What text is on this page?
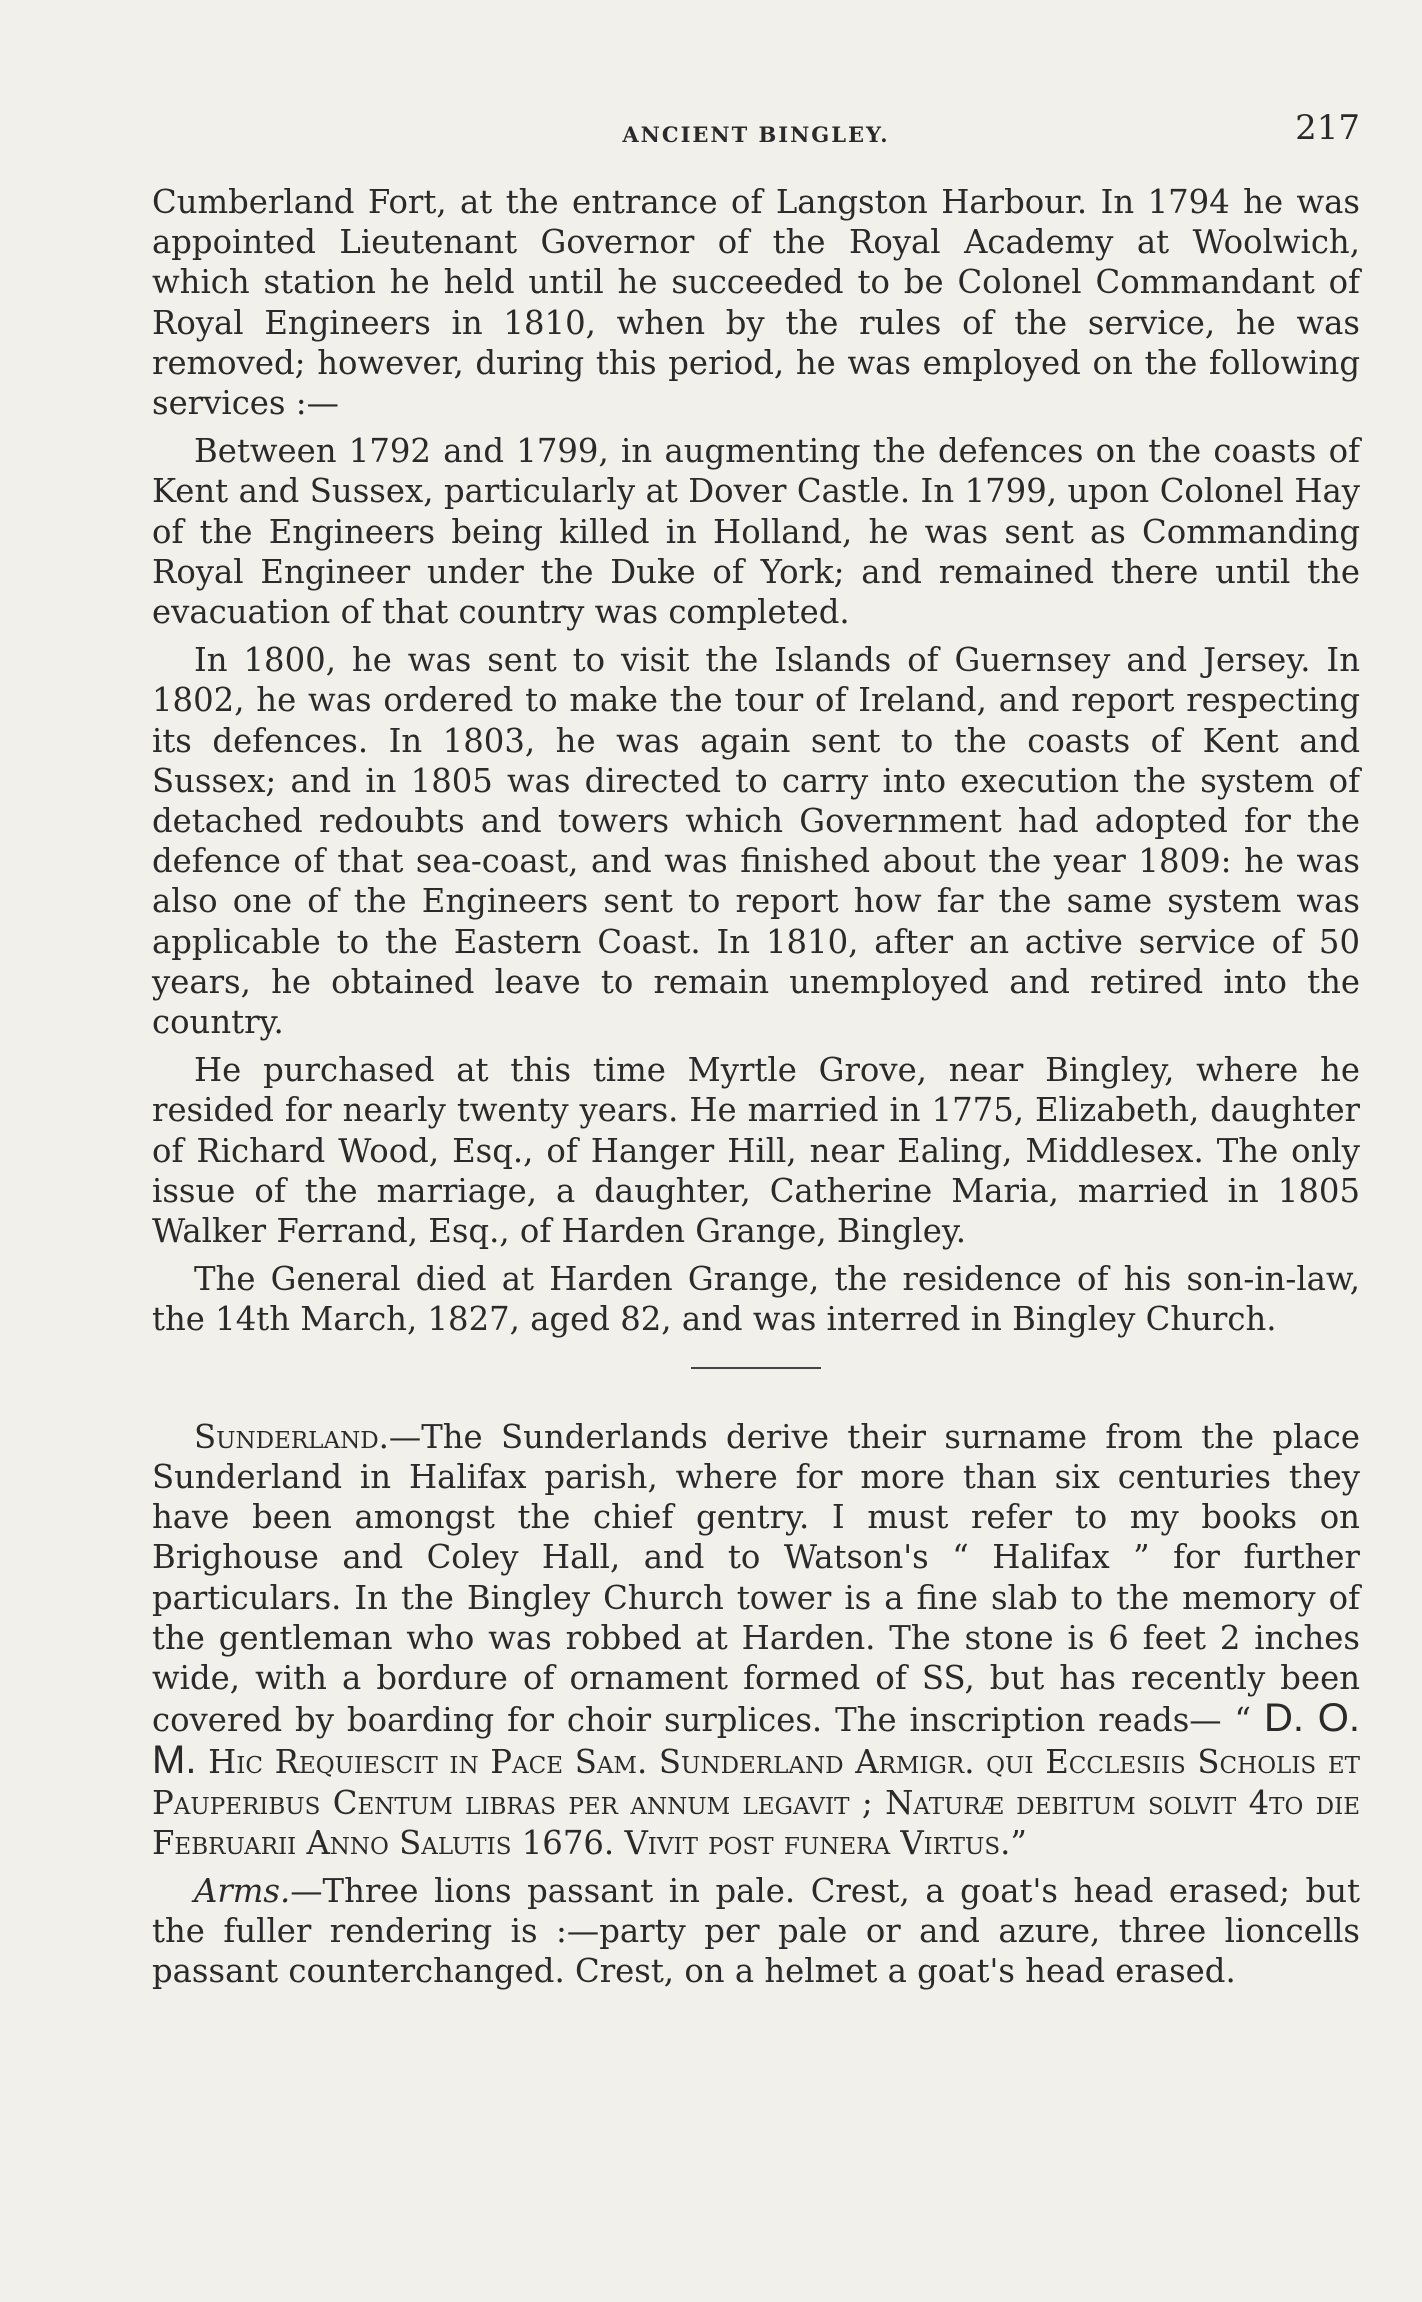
ANCIENT BINGLEY.	217

Cumberland Fort, at the entrance of Langston Harbour. In 1794 he was appointed Lieutenant Governor of the Royal Academy at Woolwich, which station he held until he succeeded to be Colonel Commandant of Royal Engineers in 1810, when by the rules of the service, he was removed; however, during this period, he was employed on the following services :—

Between 1792 and 1799, in augmenting the defences on the coasts of Kent and Sussex, particularly at Dover Castle. In 1799, upon Colonel Hay of the Engineers being killed in Holland, he was sent as Commanding Royal Engineer under the Duke of York; and remained there until the evacuation of that country was completed.

In 1800, he was sent to visit the Islands of Guernsey and Jersey. In 1802, he was ordered to make the tour of Ireland, and report respecting its defences. In 1803, he was again sent to the coasts of Kent and Sussex; and in 1805 was directed to carry into execution the system of detached redoubts and towers which Government had adopted for the defence of that sea-coast, and was finished about the year 1809: he was also one of the Engineers sent to report how far the same system was applicable to the Eastern Coast. In 1810, after an active service of 50 years, he obtained leave to remain unemployed and retired into the country.

He purchased at this time Myrtle Grove, near Bingley, where he resided for nearly twenty years. He married in 1775, Elizabeth, daughter of Richard Wood, Esq., of Hanger Hill, near Ealing, Middlesex. The only issue of the marriage, a daughter, Catherine Maria, married in 1805 Walker Ferrand, Esq., of Harden Grange, Bingley.

The General died at Harden Grange, the residence of his son-in-law, the 14th March, 1827, aged 82, and was interred in Bingley Church.

Sunderland.—The Sunderlands derive their surname from the place Sunderland in Halifax parish, where for more than six centuries they have been amongst the chief gentry. I must refer to my books on Brighouse and Coley Hall, and to Watson's “ Halifax ” for further particulars. In the Bingley Church tower is a fine slab to the memory of the gentleman who was robbed at Harden. The stone is 6 feet 2 inches wide, with a bordure of ornament formed of SS, but has recently been covered by boarding for choir surplices. The inscription reads— “ D. O. M. Hic Requiescit in Pace Sam. Sunderland Armigr. qui Ecclesiis Scholis et Pauperibus Centum libras per annum legavit ; Naturæ debitum solvit 4to die Februarii Anno Salutis 1676. Vivit post funera Virtus.”

Arms.—Three lions passant in pale. Crest, a goat's head erased; but the fuller rendering is :—party per pale or and azure, three lioncells passant counterchanged. Crest, on a helmet a goat's head erased.
